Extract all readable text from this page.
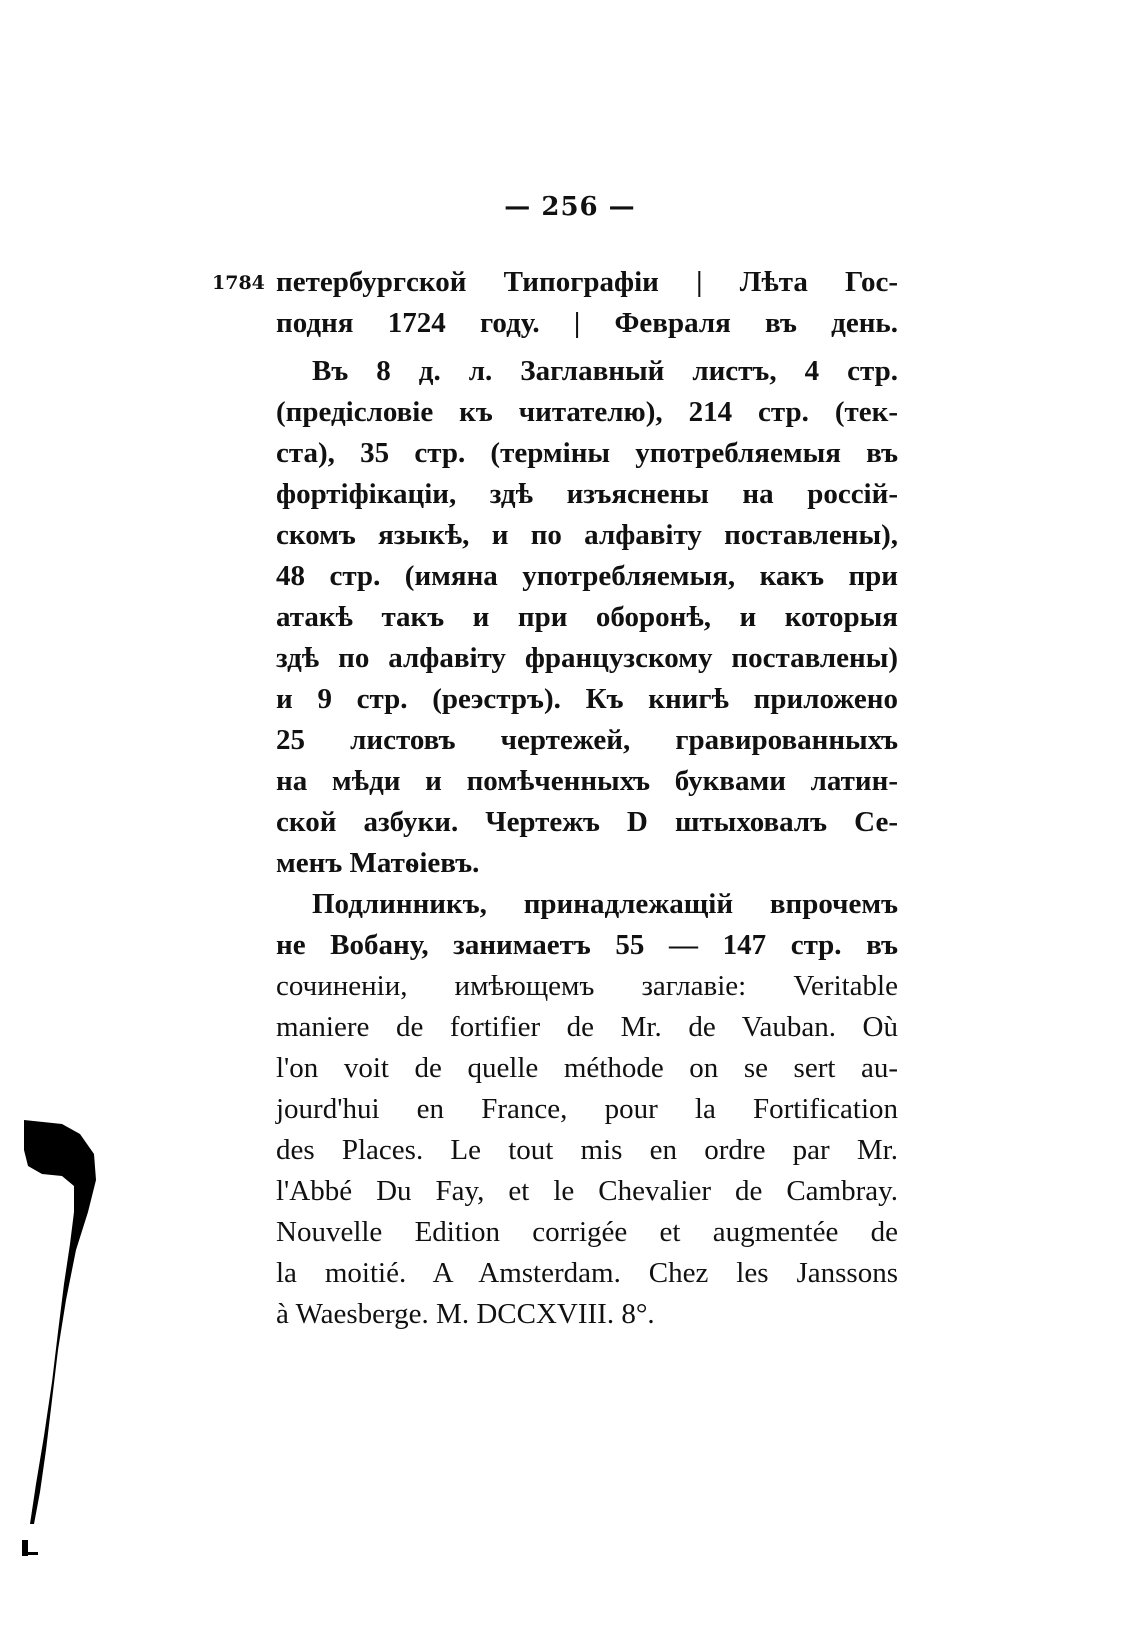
— 256 —
1784 петербургской Типографіи | Лѣта Гос-
подня 1724 году. | Февраля въ день.
Въ 8 д. л. Заглавный листъ, 4 стр.
(предісловіе къ читателю), 214 стр. (тек-
ста), 35 стр. (терміны употребляемыя въ
фортіфікаціи, здѣ изъяснены на россій-
скомъ языкѣ, и по алфавіту поставлены),
48 стр. (имяна употребляемыя, какъ при
атакѣ такъ и при оборонѣ, и которыя
здѣ по алфавіту французскому поставлены)
и 9 стр. (реэстръ). Къ книгѣ приложено
25 листовъ чертежей, гравированныхъ
на мѣди и помѣченныхъ буквами латин-
ской азбуки. Чертежъ D штыховалъ Се-
менъ Матѳіевъ.
Подлинникъ, принадлежащій впрочемъ
не Вобану, занимаетъ 55 — 147 стр. въ
сочиненіи, имѣющемъ заглавіе: Veritable
maniere de fortifier de Mr. de Vauban. Où
l'on voit de quelle méthode on se sert au-
jourd'hui en France, pour la Fortification
des Places. Le tout mis en ordre par Mr.
l'Abbé Du Fay, et le Chevalier de Cambray.
Nouvelle Edition corrigée et augmentée de
la moitié. A Amsterdam. Chez les Janssons
à Waesberge. M. DCCXVIII. 8°.
